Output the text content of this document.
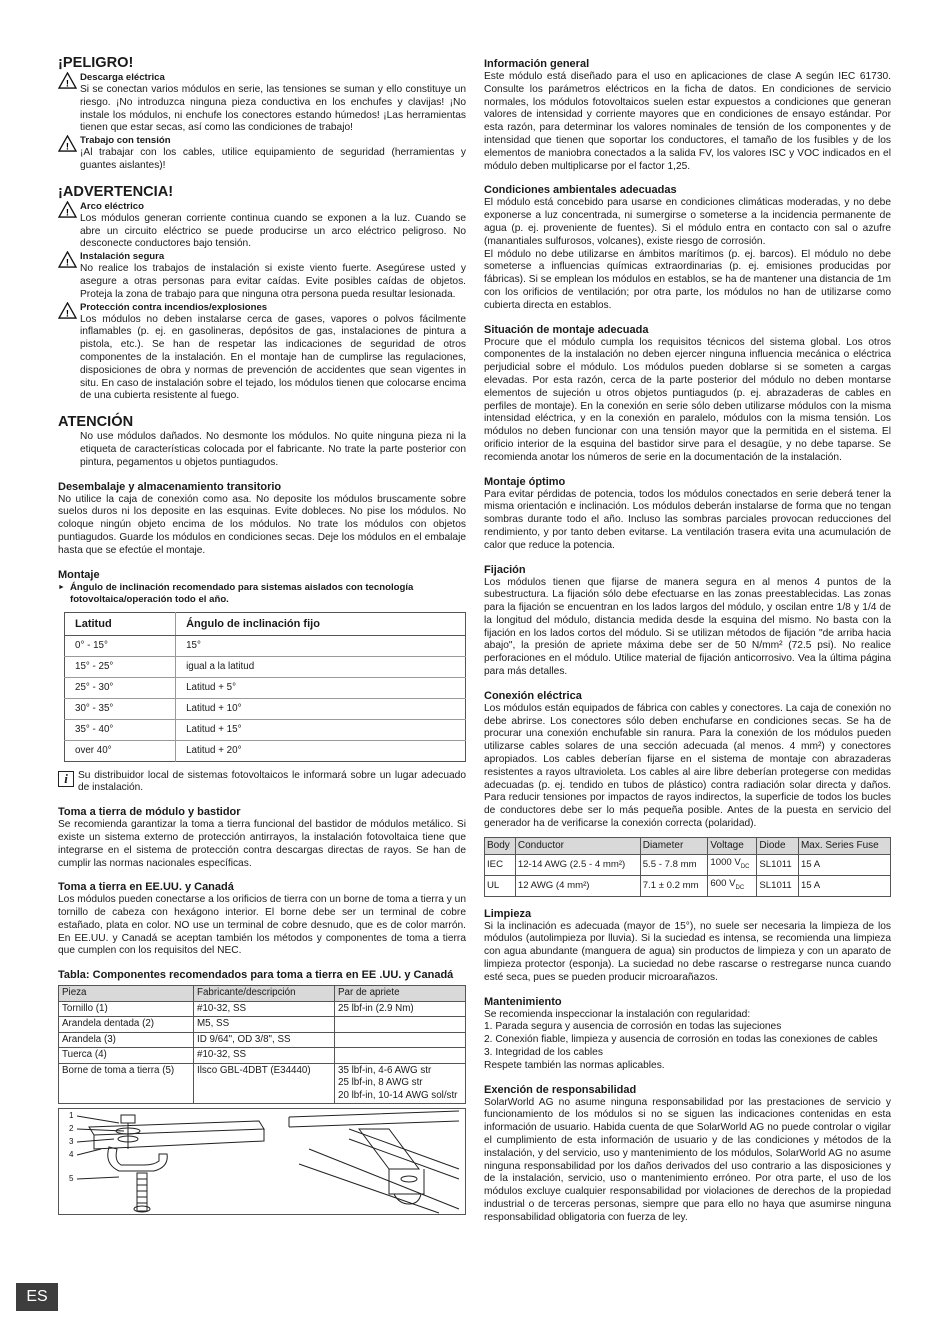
¡PELIGRO!
!
Descarga eléctrica

Si se conectan varios módulos en serie, las tensiones se suman y ello constituye un riesgo. ¡No introduzca ninguna pieza conductiva en los enchufes y clavijas! ¡No instale los módulos, ni enchufe los conectores estando húmedos! ¡Las herramientas tienen que estar secas, así como las condiciones de trabajo!

!
Trabajo con tensión

¡Al trabajar con los cables, utilice equipamiento de seguridad (herramientas y guantes aislantes)!

¡ADVERTENCIA!
!
Arco eléctrico

Los módulos generan corriente continua cuando se exponen a la luz. Cuando se abre un circuito eléctrico se puede producirse un arco eléctrico peligroso. No desconecte conductores bajo tensión.

!
Instalación segura

No realice los trabajos de instalación si existe viento fuerte. Asegúrese usted y asegure a otras personas para evitar caídas. Evite posibles caídas de objetos. Proteja la zona de trabajo para que ninguna otra persona pueda resultar lesionada.

!
Protección contra incendios/explosiones

Los módulos no deben instalarse cerca de gases, vapores o polvos fácilmente inflamables (p. ej. en gasolineras, depósitos de gas, instalaciones de pintura a pistola, etc.). Se han de respetar las indicaciones de seguridad de otros componentes de la instalación. En el montaje han de cumplirse las regulaciones, disposiciones de obra y normas de prevención de accidentes que sean vigentes in situ. En caso de instalación sobre el tejado, los módulos tienen que colocarse encima de una cubierta resistente al fuego.

ATENCIÓN

No use módulos dañados. No desmonte los módulos. No quite ninguna pieza ni la etiqueta de características colocada por el fabricante. No trate la parte posterior con pintura, pegamentos u objetos puntiagudos.

Desembalaje y almacenamiento transitorio

No utilice la caja de conexión como asa. No deposite los módulos bruscamente sobre suelos duros ni los deposite en las esquinas. Evite dobleces. No pise los módulos. No coloque ningún objeto encima de los módulos. No trate los módulos con objetos puntiagudos. Guarde los módulos en condiciones secas. Deje los módulos en el embalaje hasta que se efectúe el montaje.

Montaje
► Ángulo de inclinación recomendado para sistemas aislados con tecnología fotovoltaica/operación todo el año.
Latitud	Ángulo de inclinación fijo
0° - 15°	15°
15° - 25°	igual a la latitud
25° - 30°	Latitud + 5°
30° - 35°	Latitud + 10°
35° - 40°	Latitud + 15°
over 40°	Latitud + 20°
i Su distribuidor local de sistemas fotovoltaicos le informará sobre un lugar adecuado de instalación.

Toma a tierra de módulo y bastidor

Se recomienda garantizar la toma a tierra funcional del bastidor de módulos metálico. Si existe un sistema externo de protección antirrayos, la instalación fotovoltaica tiene que integrarse en el sistema de protección contra descargas directas de rayos. Se han de cumplir las normas nacionales específicas.

Toma a tierra en EE.UU. y Canadá

Los módulos pueden conectarse a los orificios de tierra con un borne de toma a tierra y un tornillo de cabeza con hexágono interior. El borne debe ser un terminal de cobre estañado, plata en color. NO use un terminal de cobre desnudo, que es de color marrón. En EE.UU. y Canadá se aceptan también los métodos y componentes de toma a tierra que cumplen con los requisitos del NEC.

Tabla: Componentes recomendados para toma a tierra en EE .UU. y Canadá
Pieza	Fabricante/descripción	Par de apriete
Tornillo (1)	#10-32, SS	25 lbf-in (2.9 Nm)
Arandela dentada (2)	M5, SS	
Arandela (3)	ID 9/64", OD 3/8", SS	
Tuerca (4)	#10-32, SS	
Borne de toma a tierra (5)	Ilsco GBL-4DBT (E34440)	35 lbf-in, 4-6 AWG str
25 lbf-in, 8 AWG str
20 lbf-in, 10-14 AWG sol/str
1
2
3
4
5
Información general

Este módulo está diseñado para el uso en aplicaciones de clase A según IEC 61730. Consulte los parámetros eléctricos en la ficha de datos. En condiciones de servicio normales, los módulos fotovoltaicos suelen estar expuestos a condiciones que generan valores de intensidad y corriente mayores que en condiciones de ensayo estándar. Por esta razón, para determinar los valores nominales de tensión de los componentes y de intensidad que tienen que soportar los conductores, el tamaño de los fusibles y de los elementos de maniobra conectados a la salida FV, los valores ISC y VOC indicados en el módulo deben multiplicarse por el factor 1,25.

Condiciones ambientales adecuadas

El módulo está concebido para usarse en condiciones climáticas moderadas, y no debe exponerse a luz concentrada, ni sumergirse o someterse a la incidencia permanente de agua (p. ej. proveniente de fuentes). Si el módulo entra en contacto con sal o azufre (manantiales sulfurosos, volcanes), existe riesgo de corrosión.

El módulo no debe utilizarse en ámbitos marítimos (p. ej. barcos). El módulo no debe someterse a influencias químicas extraordinarias (p. ej. emisiones producidas por fábricas). Si se emplean los módulos en establos, se ha de mantener una distancia de 1m con los orificios de ventilación; por otra parte, los módulos no han de utilizarse como cubierta directa en establos.

Situación de montaje adecuada

Procure que el módulo cumpla los requisitos técnicos del sistema global. Los otros componentes de la instalación no deben ejercer ninguna influencia mecánica o eléctrica perjudicial sobre el módulo. Los módulos pueden doblarse si se someten a cargas elevadas. Por esta razón, cerca de la parte posterior del módulo no deben montarse elementos de sujeción u otros objetos puntiagudos (p. ej. abrazaderas de cables en perfiles de montaje). En la conexión en serie sólo deben utilizarse módulos con la misma intensidad eléctrica, y en la conexión en paralelo, módulos con la misma tensión. Los módulos no deben funcionar con una tensión mayor que la permitida en el sistema. El orificio interior de la esquina del bastidor sirve para el desagüe, y no debe taparse. Se recomienda anotar los números de serie en la documentación de la instalación.

Montaje óptimo

Para evitar pérdidas de potencia, todos los módulos conectados en serie deberá tener la misma orientación e inclinación. Los módulos deberán instalarse de forma que no tengan sombras durante todo el año. Incluso las sombras parciales provocan reducciones del rendimiento, y por tanto deben evitarse. La ventilación trasera evita una acumulación de calor que reduce la potencia.

Fijación

Los módulos tienen que fijarse de manera segura en al menos 4 puntos de la subestructura. La fijación sólo debe efectuarse en las zonas preestablecidas. Las zonas para la fijación se encuentran en los lados largos del módulo, y oscilan entre 1/8 y 1/4 de la longitud del módulo, distancia medida desde la esquina del mismo. No basta con la fijación en los lados cortos del módulo. Si se utilizan métodos de fijación "de arriba hacia abajo", la presión de apriete máxima debe ser de 50 N/mm² (72.5 psi). No realice perforaciones en el módulo. Utilice material de fijación anticorrosivo. Vea la última página para más detalles.

Conexión eléctrica

Los módulos están equipados de fábrica con cables y conectores. La caja de conexión no debe abrirse. Los conectores sólo deben enchufarse en condiciones secas. Se ha de procurar una conexión enchufable sin ranura. Para la conexión de los módulos pueden utilizarse cables solares de una sección adecuada (al menos. 4 mm²) y conectores apropiados. Los cables deberían fijarse en el sistema de montaje con abrazaderas resistentes a rayos ultravioleta. Los cables al aire libre deberían protegerse con medidas adecuadas (p. ej. tendido en tubos de plástico) contra radiación solar directa y daños. Para reducir tensiones por impactos de rayos indirectos, la superficie de todos los bucles de conductores debe ser lo más pequeña posible. Antes de la puesta en servicio del generador ha de verificarse la conexión correcta (polaridad).

Body	Conductor	Diameter	Voltage	Diode	Max. Series Fuse
IEC	12-14 AWG (2.5 - 4 mm²)	5.5 - 7.8 mm	1000 $V_{DC}$	SL1011	15 A
UL	12 AWG (4 mm²)	7.1 ± 0.2 mm	600 $V_{DC}$	SL1011	15 A
Limpieza

Si la inclinación es adecuada (mayor de 15°), no suele ser necesaria la limpieza de los módulos (autolimpieza por lluvia). Si la suciedad es intensa, se recomienda una limpieza con agua abundante (manguera de agua) sin productos de limpieza y con un aparato de limpieza protector (esponja). La suciedad no debe rascarse o restregarse nunca cuando esté seca, pues se pueden producir microarañazos.

Mantenimiento

Se recomienda inspeccionar la instalación con regularidad:

1. Parada segura y ausencia de corrosión en todas las sujeciones

2. Conexión fiable, limpieza y ausencia de corrosión en todas las conexiones de cables

3. Integridad de los cables

Respete también las normas aplicables.

Exención de responsabilidad

SolarWorld AG no asume ninguna responsabilidad por las prestaciones de servicio y funcionamiento de los módulos si no se siguen las indicaciones contenidas en esta información de usuario. Habida cuenta de que SolarWorld AG no puede controlar o vigilar el cumplimiento de esta información de usuario y de las condiciones y métodos de la instalación, y del servicio, uso y mantenimiento de los módulos, SolarWorld AG no asume ninguna responsabilidad por los daños derivados del uso contrario a las disposiciones y de la instalación, servicio, uso o mantenimiento erróneo. Por otra parte, el uso de los módulos excluye cualquier responsabilidad por violaciones de derechos de la propiedad industrial o de terceras personas, siempre que para ello no haya que asumirse ninguna responsabilidad obligatoria con fuerza de ley.

ES
